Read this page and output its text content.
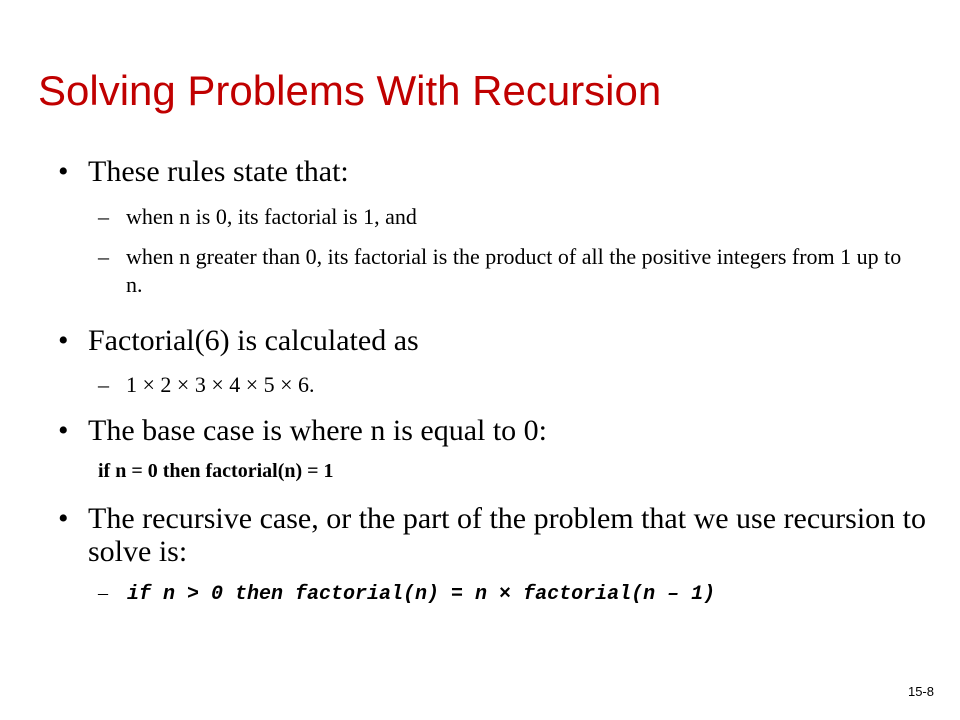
Solving Problems With Recursion
• These rules state that:
– when n is 0, its factorial is 1, and
– when n greater than 0, its factorial is the product of all the positive integers from 1 up to n.
• Factorial(6) is calculated as
– 1 × 2 × 3 × 4 × 5 × 6.
• The base case is where n is equal to 0:
if n = 0 then factorial(n) = 1
• The recursive case, or the part of the problem that we use recursion to solve is:
– if n > 0 then factorial(n) = n × factorial(n – 1)
15-8
